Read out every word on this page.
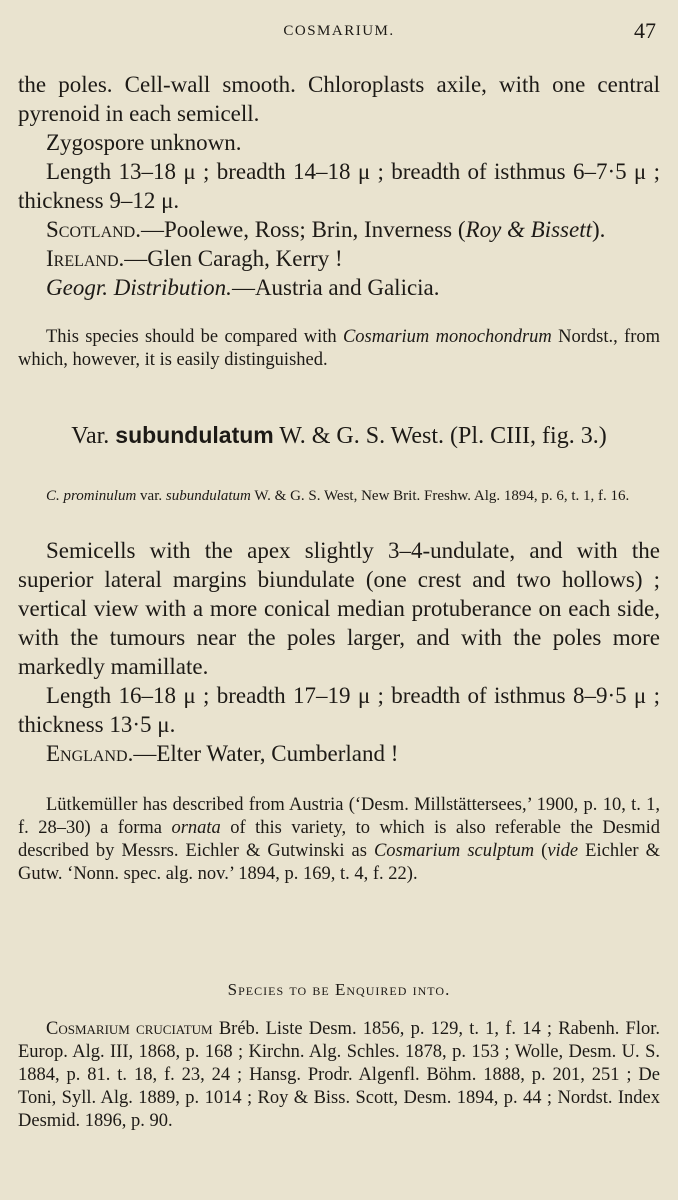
COSMARIUM.	47

the poles. Cell-wall smooth. Chloroplasts axile, with one central pyrenoid in each semicell.

Zygospore unknown.

Length 13–18 μ ; breadth 14–18 μ ; breadth of isthmus 6–7·5 μ ; thickness 9–12 μ.

Scotland.—Poolewe, Ross; Brin, Inverness (Roy & Bissett).

Ireland.—Glen Caragh, Kerry !

Geogr. Distribution.—Austria and Galicia.

This species should be compared with Cosmarium monochondrum Nordst., from which, however, it is easily distinguished.

Var. subundulatum W. & G. S. West. (Pl. CIII, fig. 3.)

C. prominulum var. subundulatum W. & G. S. West, New Brit. Freshw. Alg. 1894, p. 6, t. 1, f. 16.

Semicells with the apex slightly 3–4-undulate, and with the superior lateral margins biundulate (one crest and two hollows) ; vertical view with a more conical median protuberance on each side, with the tumours near the poles larger, and with the poles more markedly mamillate.

Length 16–18 μ ; breadth 17–19 μ ; breadth of isthmus 8–9·5 μ ; thickness 13·5 μ.

England.—Elter Water, Cumberland !

Lütkemüller has described from Austria (‘Desm. Millstättersees,’ 1900, p. 10, t. 1, f. 28–30) a forma ornata of this variety, to which is also referable the Desmid described by Messrs. Eichler & Gutwinski as Cosmarium sculptum (vide Eichler & Gutw. ‘Nonn. spec. alg. nov.’ 1894, p. 169, t. 4, f. 22).

Species to be Enquired into.

Cosmarium cruciatum Bréb. Liste Desm. 1856, p. 129, t. 1, f. 14 ; Rabenh. Flor. Europ. Alg. III, 1868, p. 168 ; Kirchn. Alg. Schles. 1878, p. 153 ; Wolle, Desm. U. S. 1884, p. 81. t. 18, f. 23, 24 ; Hansg. Prodr. Algenfl. Böhm. 1888, p. 201, 251 ; De Toni, Syll. Alg. 1889, p. 1014 ; Roy & Biss. Scott, Desm. 1894, p. 44 ; Nordst. Index Desmid. 1896, p. 90.
